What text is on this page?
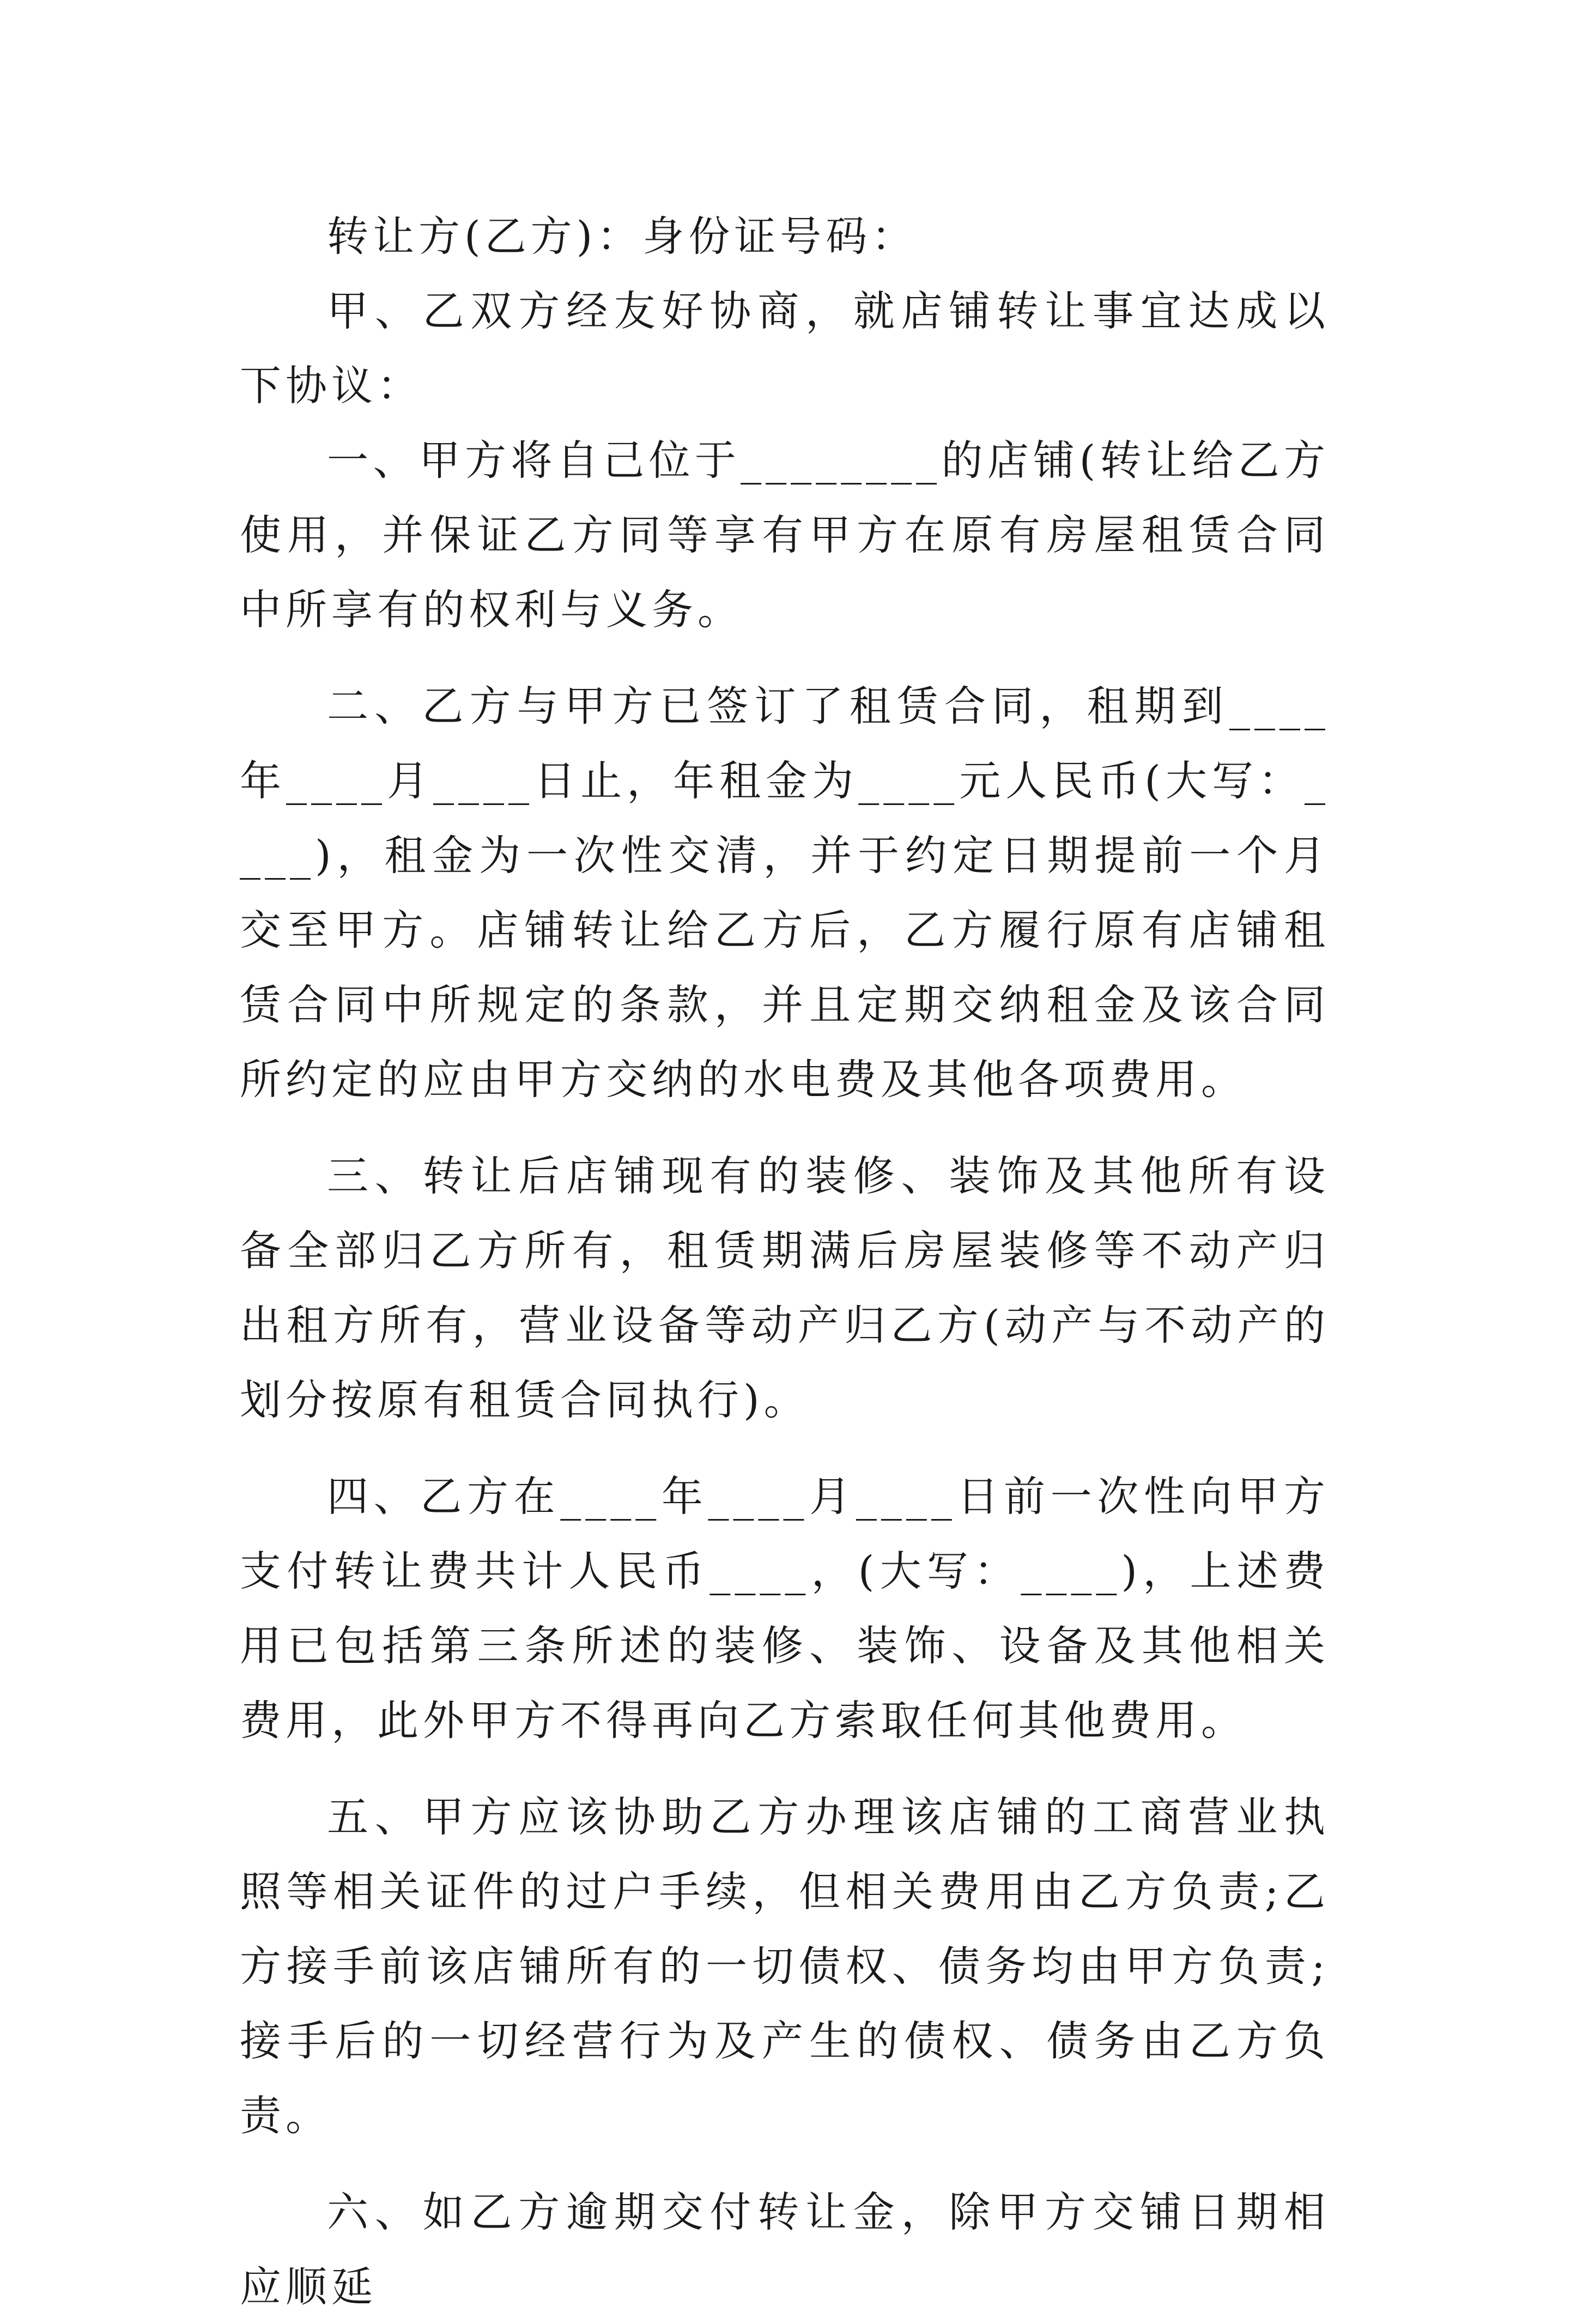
转让方(乙方)：身份证号码：

甲、乙双方经友好协商，就店铺转让事宜达成以下协议：

一、甲方将自己位于________的店铺(转让给乙方使用，并保证乙方同等享有甲方在原有房屋租赁合同中所享有的权利与义务。

二、乙方与甲方已签订了租赁合同，租期到____年____月____日止，年租金为____元人民币(大写：____)，租金为一次性交清，并于约定日期提前一个月交至甲方。店铺转让给乙方后，乙方履行原有店铺租赁合同中所规定的条款，并且定期交纳租金及该合同所约定的应由甲方交纳的水电费及其他各项费用。

三、转让后店铺现有的装修、装饰及其他所有设备全部归乙方所有，租赁期满后房屋装修等不动产归出租方所有，营业设备等动产归乙方(动产与不动产的划分按原有租赁合同执行)。

四、乙方在____年____月____日前一次性向甲方支付转让费共计人民币____，(大写：____)，上述费用已包括第三条所述的装修、装饰、设备及其他相关费用，此外甲方不得再向乙方索取任何其他费用。

五、甲方应该协助乙方办理该店铺的工商营业执照等相关证件的过户手续，但相关费用由乙方负责;乙方接手前该店铺所有的一切债权、债务均由甲方负责;接手后的一切经营行为及产生的债权、债务由乙方负责。

六、如乙方逾期交付转让金，除甲方交铺日期相应顺延
